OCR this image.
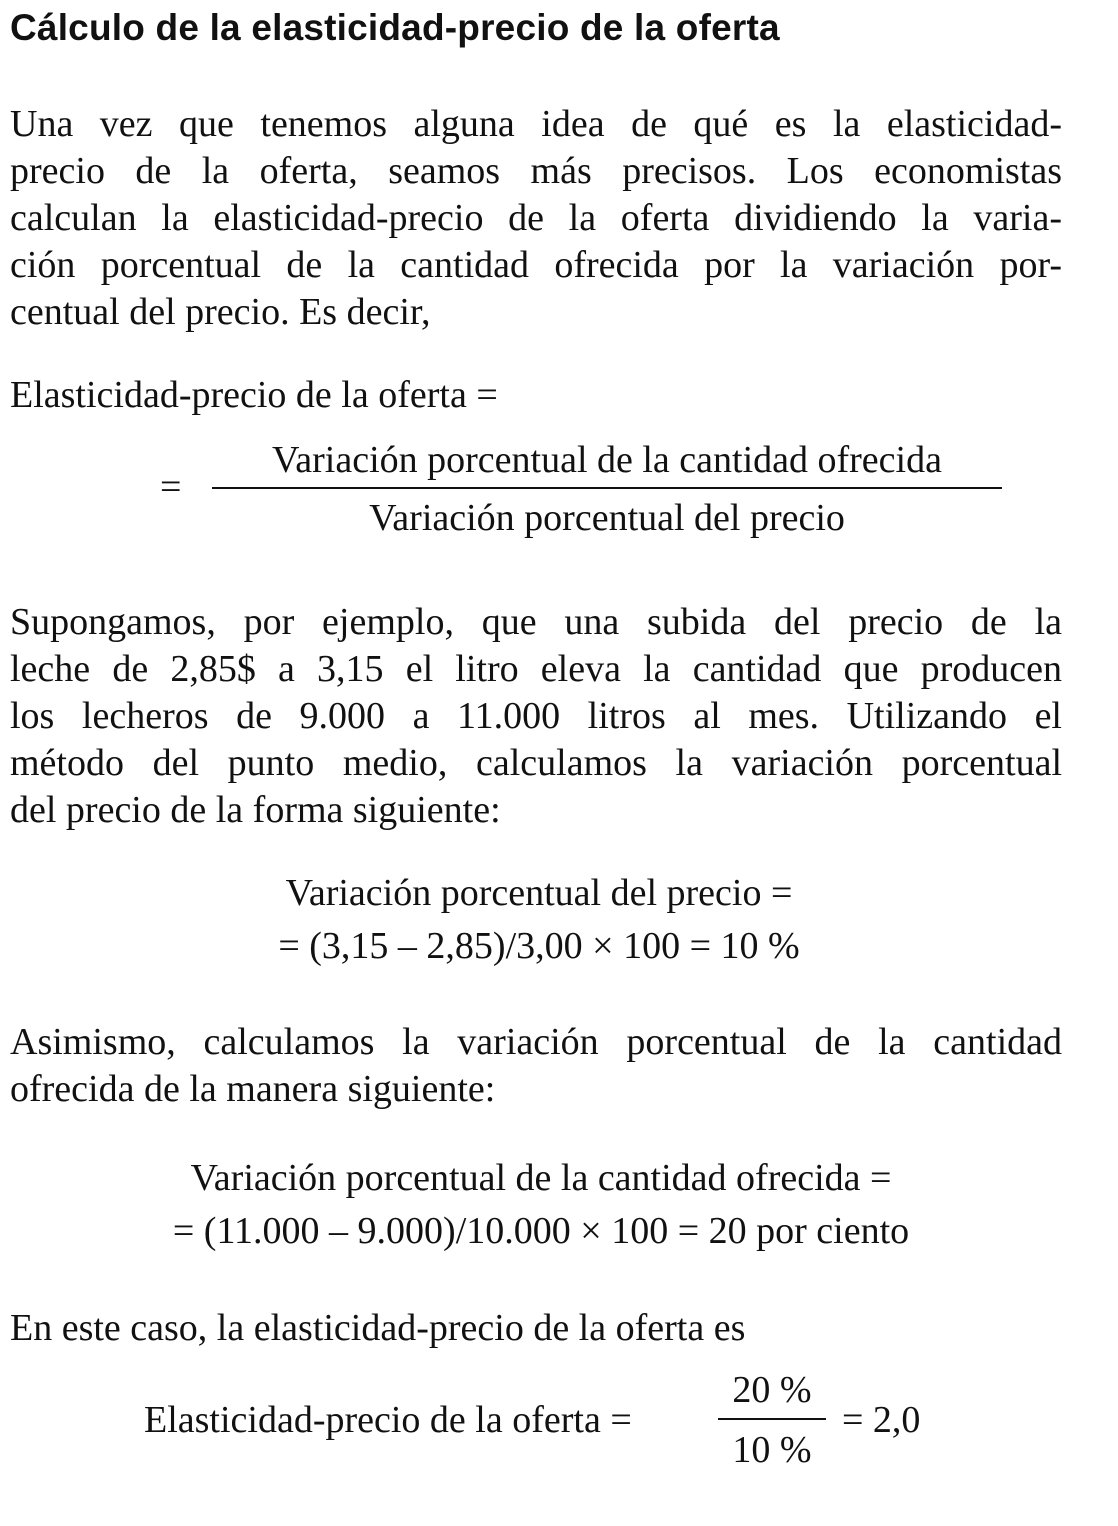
Cálculo de la elasticidad-precio de la oferta

Una vez que tenemos alguna idea de qué es la elasticidad-

precio de la oferta, seamos más precisos. Los economistas

calculan la elasticidad-precio de la oferta dividiendo la varia-

ción porcentual de la cantidad ofrecida por la variación por-

centual del precio. Es decir,

Elasticidad-precio de la oferta =

=
Variación porcentual de la cantidad ofrecida
Variación porcentual del precio

Supongamos, por ejemplo, que una subida del precio de la

leche de 2,85$ a 3,15 el litro eleva la cantidad que producen

los lecheros de 9.000 a 11.000 litros al mes. Utilizando el

método del punto medio, calculamos la variación porcentual

del precio de la forma siguiente:

Variación porcentual del precio =
= (3,15 – 2,85)/3,00 × 100 = 10 %

Asimismo, calculamos la variación porcentual de la cantidad

ofrecida de la manera siguiente:

Variación porcentual de la cantidad ofrecida =
= (11.000 – 9.000)/10.000 × 100 = 20 por ciento

En este caso, la elasticidad-precio de la oferta es

Elasticidad-precio de la oferta =
20 %
10 %
= 2,0
